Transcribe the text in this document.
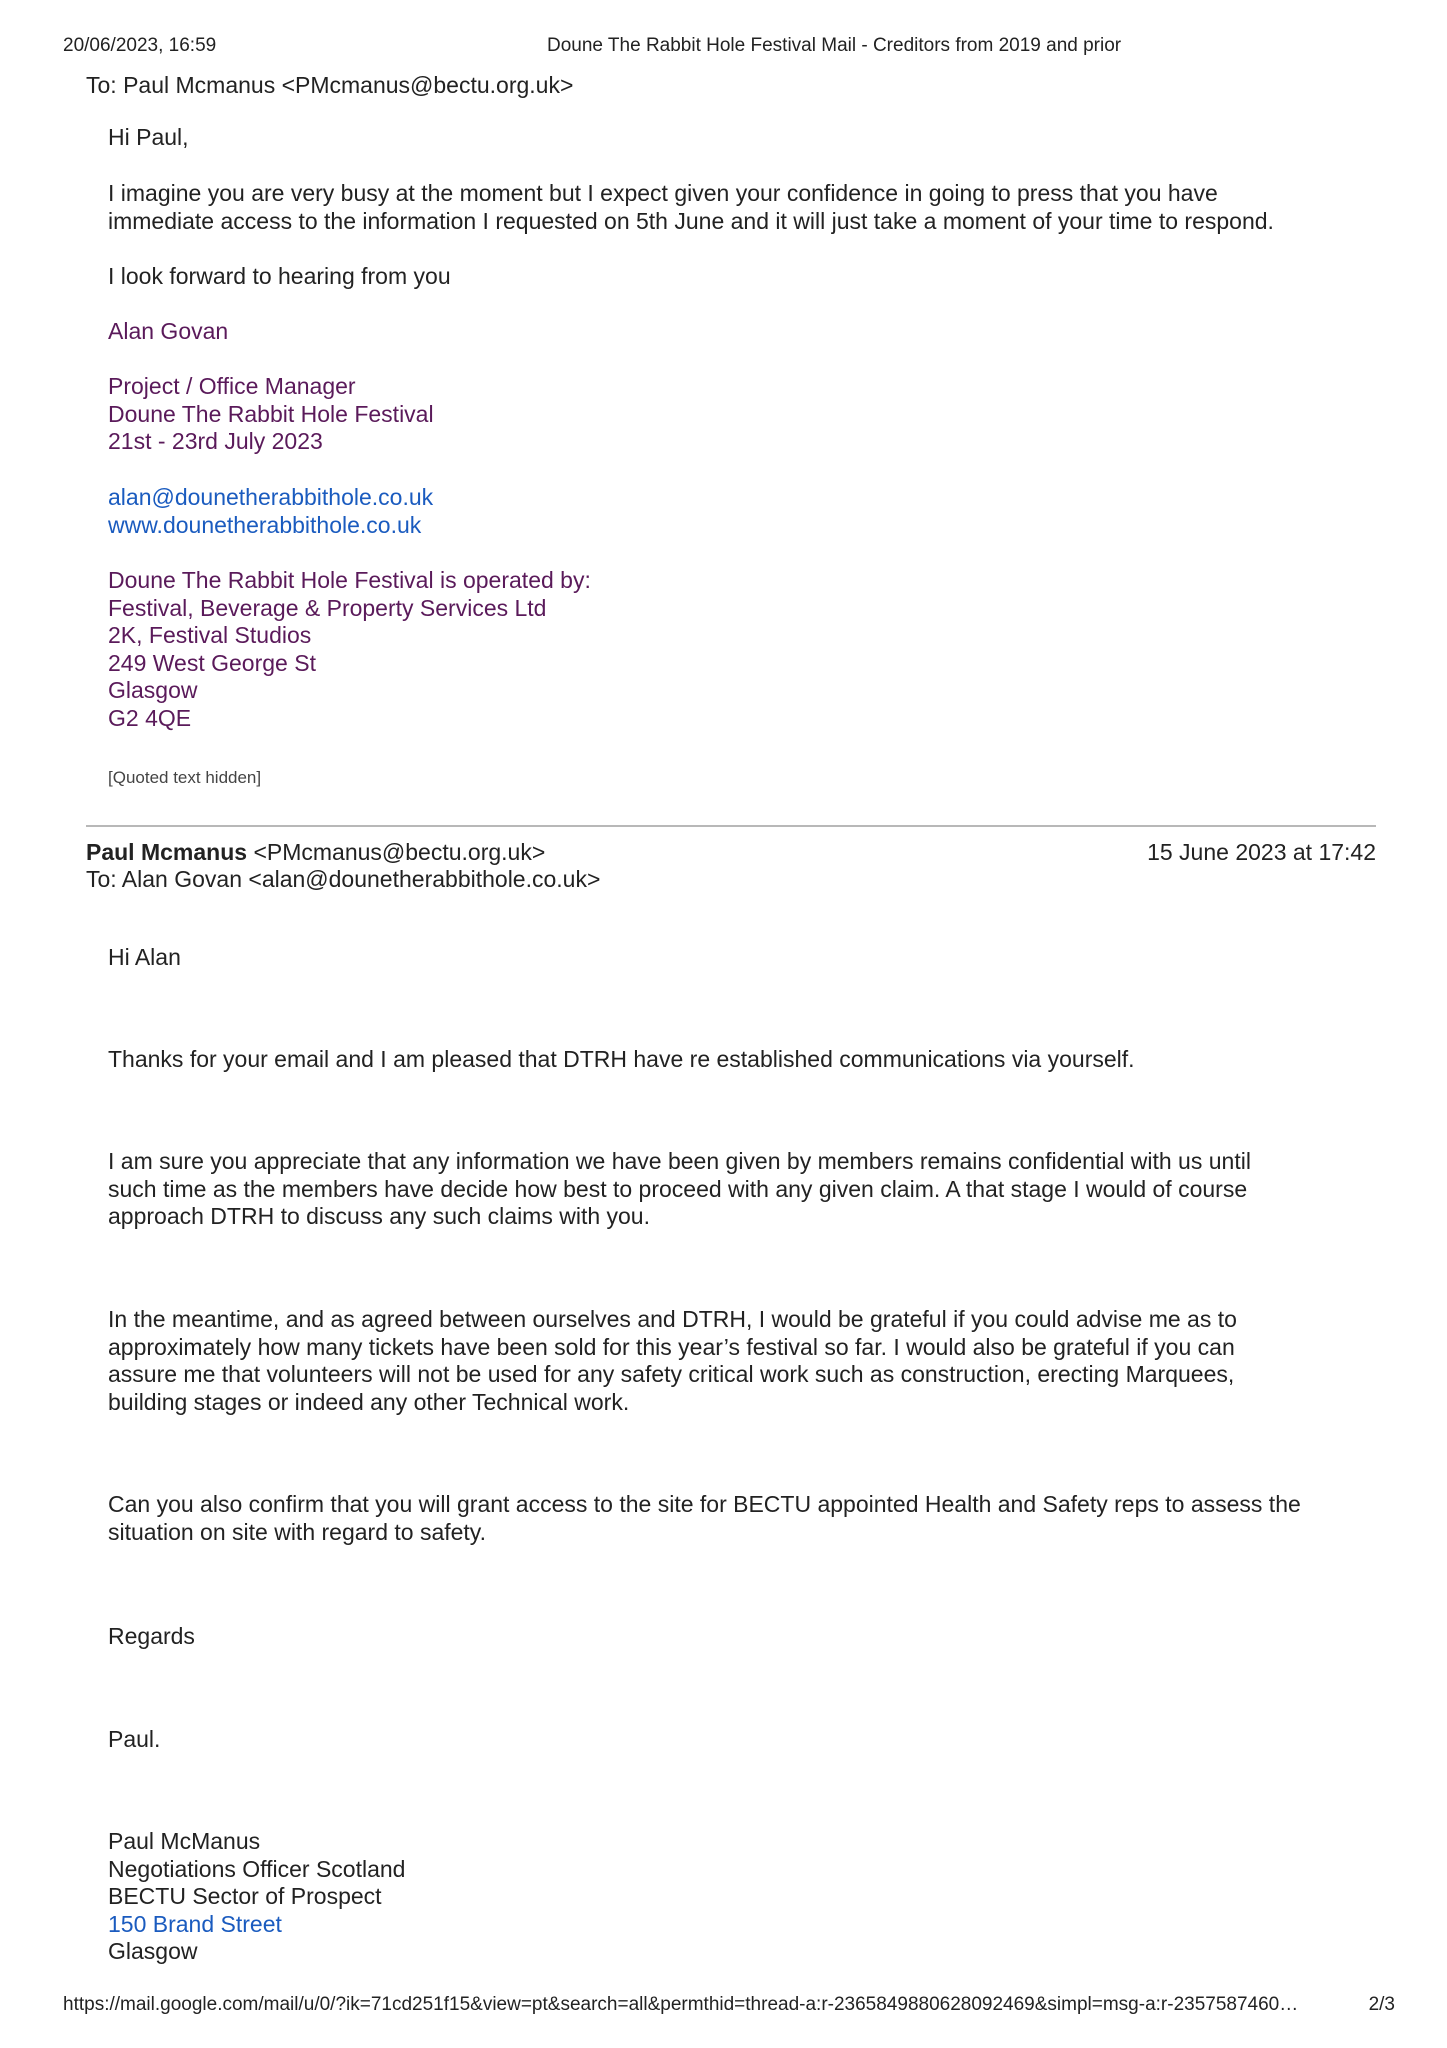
20/06/2023, 16:59	Doune The Rabbit Hole Festival Mail - Creditors from 2019 and prior
To: Paul Mcmanus <PMcmanus@bectu.org.uk>
Hi Paul,
I imagine you are very busy at the moment but I expect given your confidence in going to press that you have
immediate access to the information I requested on 5th June and it will just take a moment of your time to respond.
I look forward to hearing from you
Alan Govan
Project / Office Manager
Doune The Rabbit Hole Festival
21st - 23rd July 2023
alan@dounetherabbithole.co.uk
www.dounetherabbithole.co.uk
Doune The Rabbit Hole Festival is operated by:
Festival, Beverage & Property Services Ltd
2K, Festival Studios
249 West George St
Glasgow
G2 4QE
[Quoted text hidden]
Paul Mcmanus <PMcmanus@bectu.org.uk>	15 June 2023 at 17:42
To: Alan Govan <alan@dounetherabbithole.co.uk>
Hi Alan
Thanks for your email and I am pleased that DTRH have re established communications via yourself.
I am sure you appreciate that any information we have been given by members remains confidential with us until
such time as the members have decide how best to proceed with any given claim. A that stage I would of course
approach DTRH to discuss any such claims with you.
In the meantime, and as agreed between ourselves and DTRH, I would be grateful if you could advise me as to
approximately how many tickets have been sold for this year’s festival so far. I would also be grateful if you can
assure me that volunteers will not be used for any safety critical work such as construction, erecting Marquees,
building stages or indeed any other Technical work.
Can you also confirm that you will grant access to the site for BECTU appointed Health and Safety reps to assess the
situation on site with regard to safety.
Regards
Paul.
Paul McManus
Negotiations Officer Scotland
BECTU Sector of Prospect
150 Brand Street
Glasgow
https://mail.google.com/mail/u/0/?ik=71cd251f15&view=pt&search=all&permthid=thread-a:r-2365849880628092469&simpl=msg-a:r-2357587460…	2/3
